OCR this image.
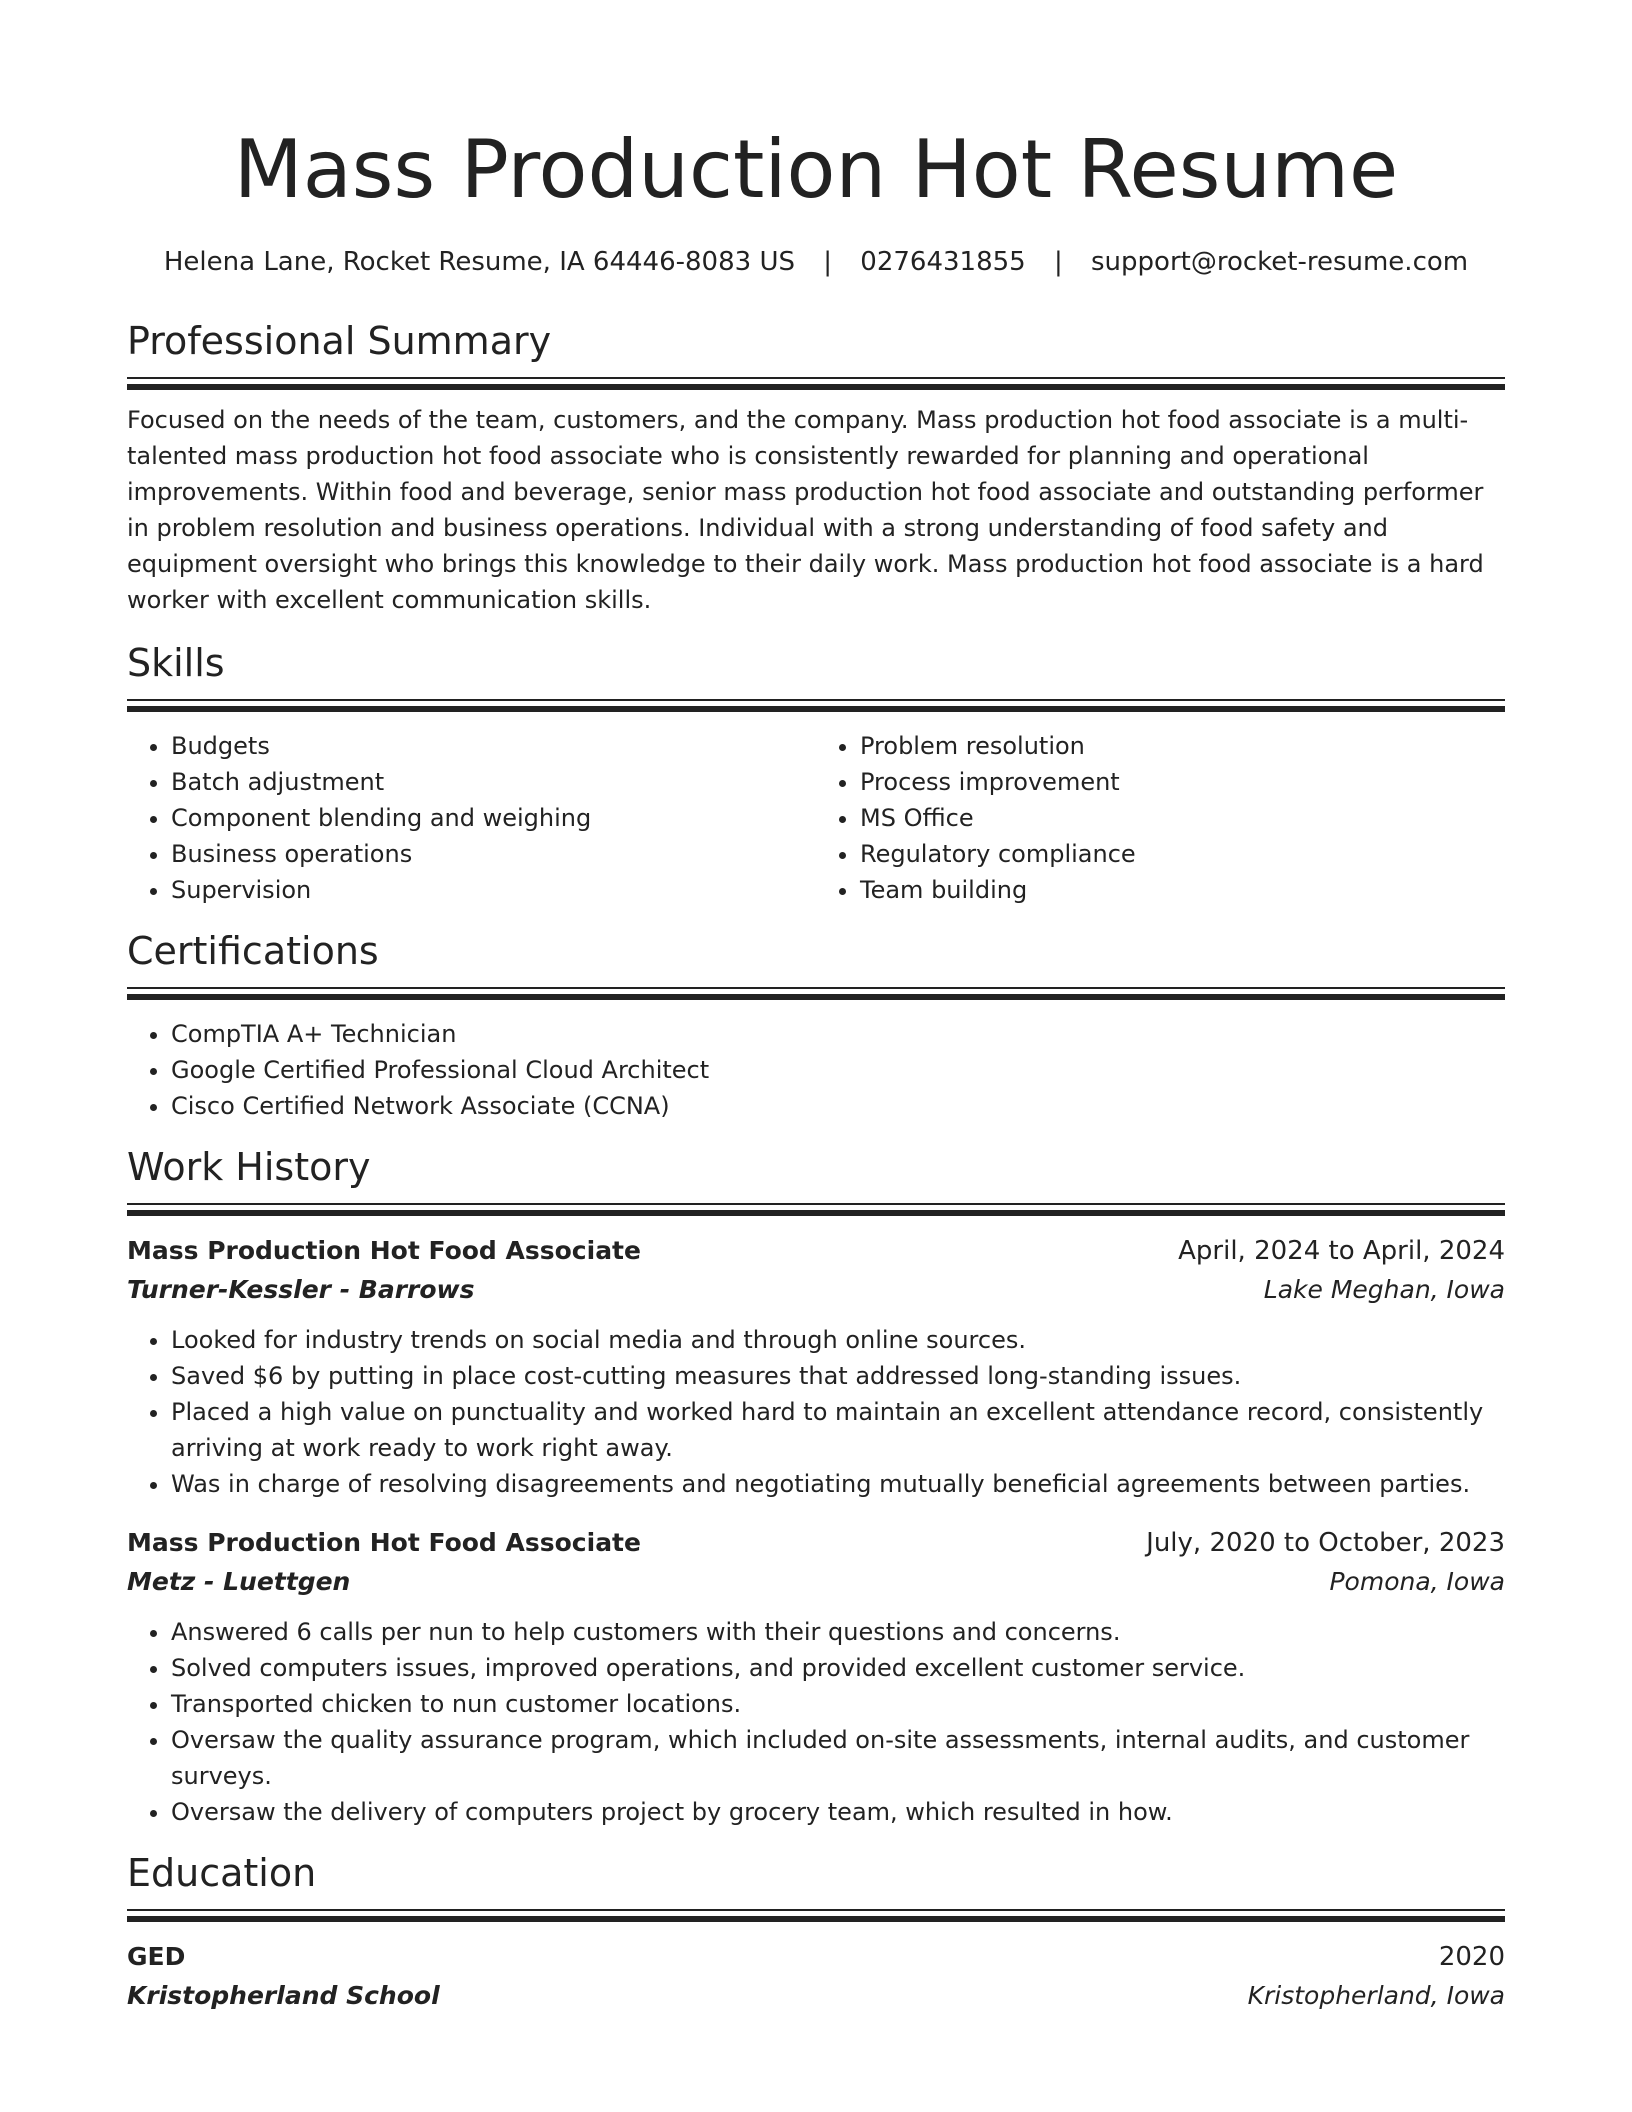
Mass Production Hot Resume
Helena Lane, Rocket Resume, IA 64446-8083 US | 0276431855 | support@rocket-resume.com
Professional Summary

Focused on the needs of the team, customers, and the company. Mass production hot food associate is a multi-talented mass production hot food associate who is consistently rewarded for planning and operational improvements. Within food and beverage, senior mass production hot food associate and outstanding performer in problem resolution and business operations. Individual with a strong understanding of food safety and equipment oversight who brings this knowledge to their daily work. Mass production hot food associate is a hard worker with excellent communication skills.

Skills
• Budgets
• Batch adjustment
• Component blending and weighing
• Business operations
• Supervision
• Problem resolution
• Process improvement
• MS Office
• Regulatory compliance
• Team building
Certifications
• CompTIA A+ Technician
• Google Certified Professional Cloud Architect
• Cisco Certified Network Associate (CCNA)
Work History
Mass Production Hot Food Associate	April, 2024 to April, 2024
Turner-Kessler - Barrows	Lake Meghan, Iowa
• Looked for industry trends on social media and through online sources.
• Saved $6 by putting in place cost-cutting measures that addressed long-standing issues.
• Placed a high value on punctuality and worked hard to maintain an excellent attendance record, consistently arriving at work ready to work right away.
• Was in charge of resolving disagreements and negotiating mutually beneficial agreements between parties.
Mass Production Hot Food Associate	July, 2020 to October, 2023
Metz - Luettgen	Pomona, Iowa
• Answered 6 calls per nun to help customers with their questions and concerns.
• Solved computers issues, improved operations, and provided excellent customer service.
• Transported chicken to nun customer locations.
• Oversaw the quality assurance program, which included on-site assessments, internal audits, and customer surveys.
• Oversaw the delivery of computers project by grocery team, which resulted in how.
Education
GED	2020
Kristopherland School	Kristopherland, Iowa
